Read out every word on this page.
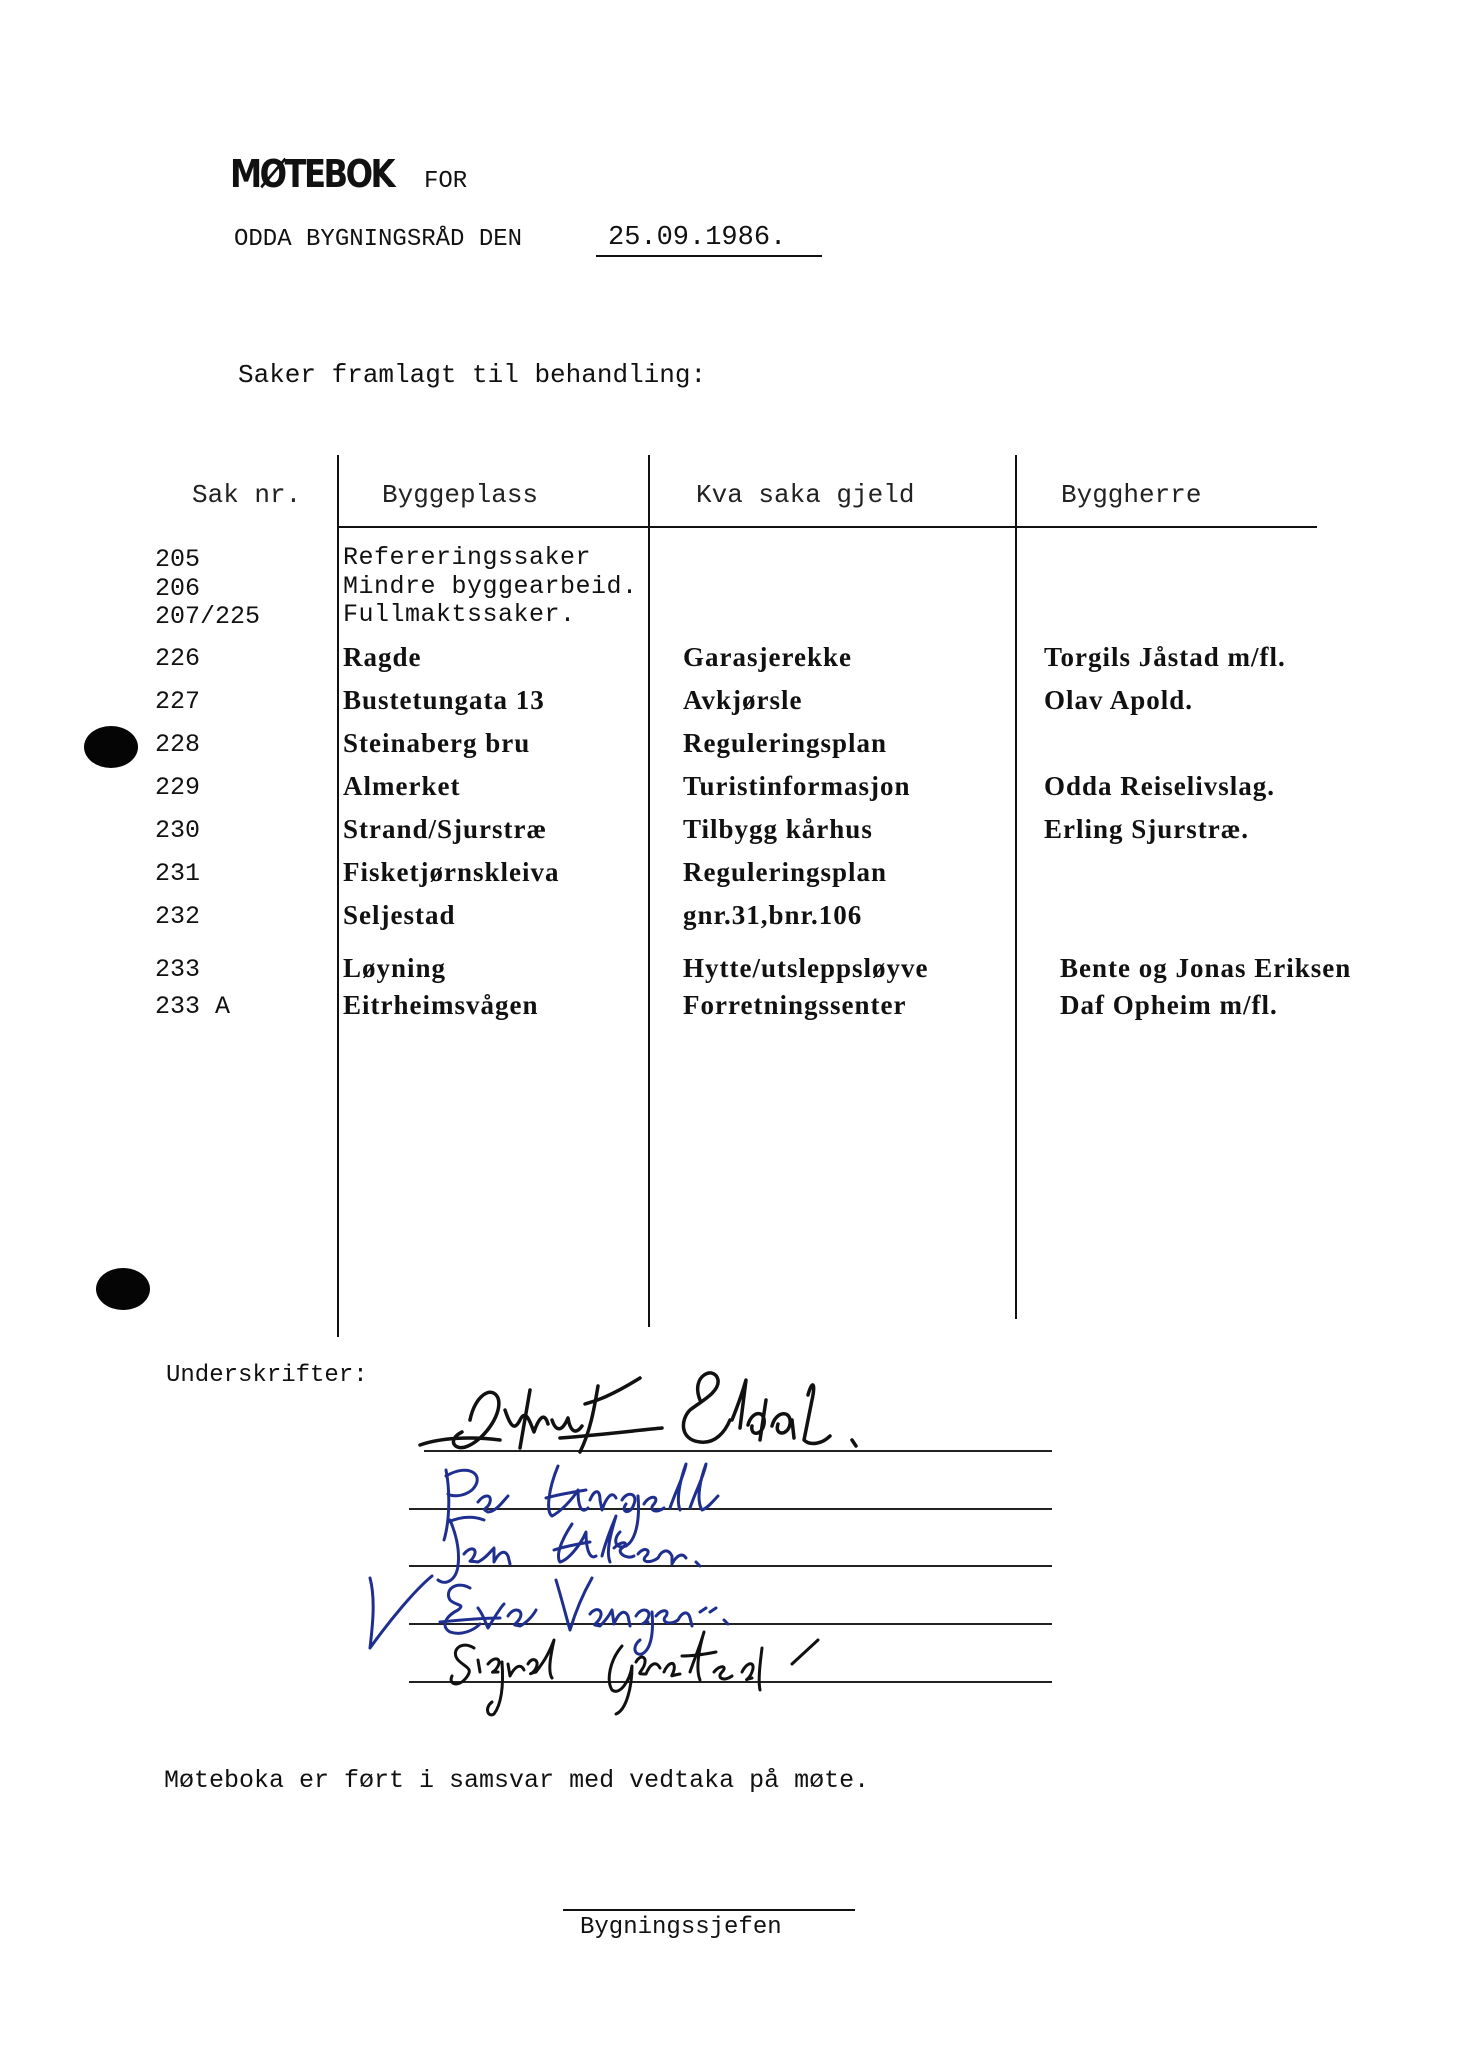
MØTEBOK FOR
ODDA BYGNINGSRÅD DEN	25.09.1986.
Saker framlagt til behandling:
Sak nr.	Byggeplass	Kva saka gjeld	Byggherre
205	Refereringssaker
206	Mindre byggearbeid.
207/225	Fullmaktssaker.
226	Ragde	Garasjerekke	Torgils Jåstad m/fl.
227	Bustetungata 13	Avkjørsle	Olav Apold.
228	Steinaberg bru	Reguleringsplan
229	Almerket	Turistinformasjon	Odda Reiselivslag.
230	Strand/Sjurstræ	Tilbygg kårhus	Erling Sjurstræ.
231	Fisketjørnskleiva	Reguleringsplan
232	Seljestad	gnr.31,bnr.106
233	Løyning	Hytte/utsleppsløyve	Bente og Jonas Eriksen
233 A	Eitrheimsvågen	Forretningssenter	Daf Opheim m/fl.
Underskrifter:
Møteboka er ført i samsvar med vedtaka på møte.
Bygningssjefen
